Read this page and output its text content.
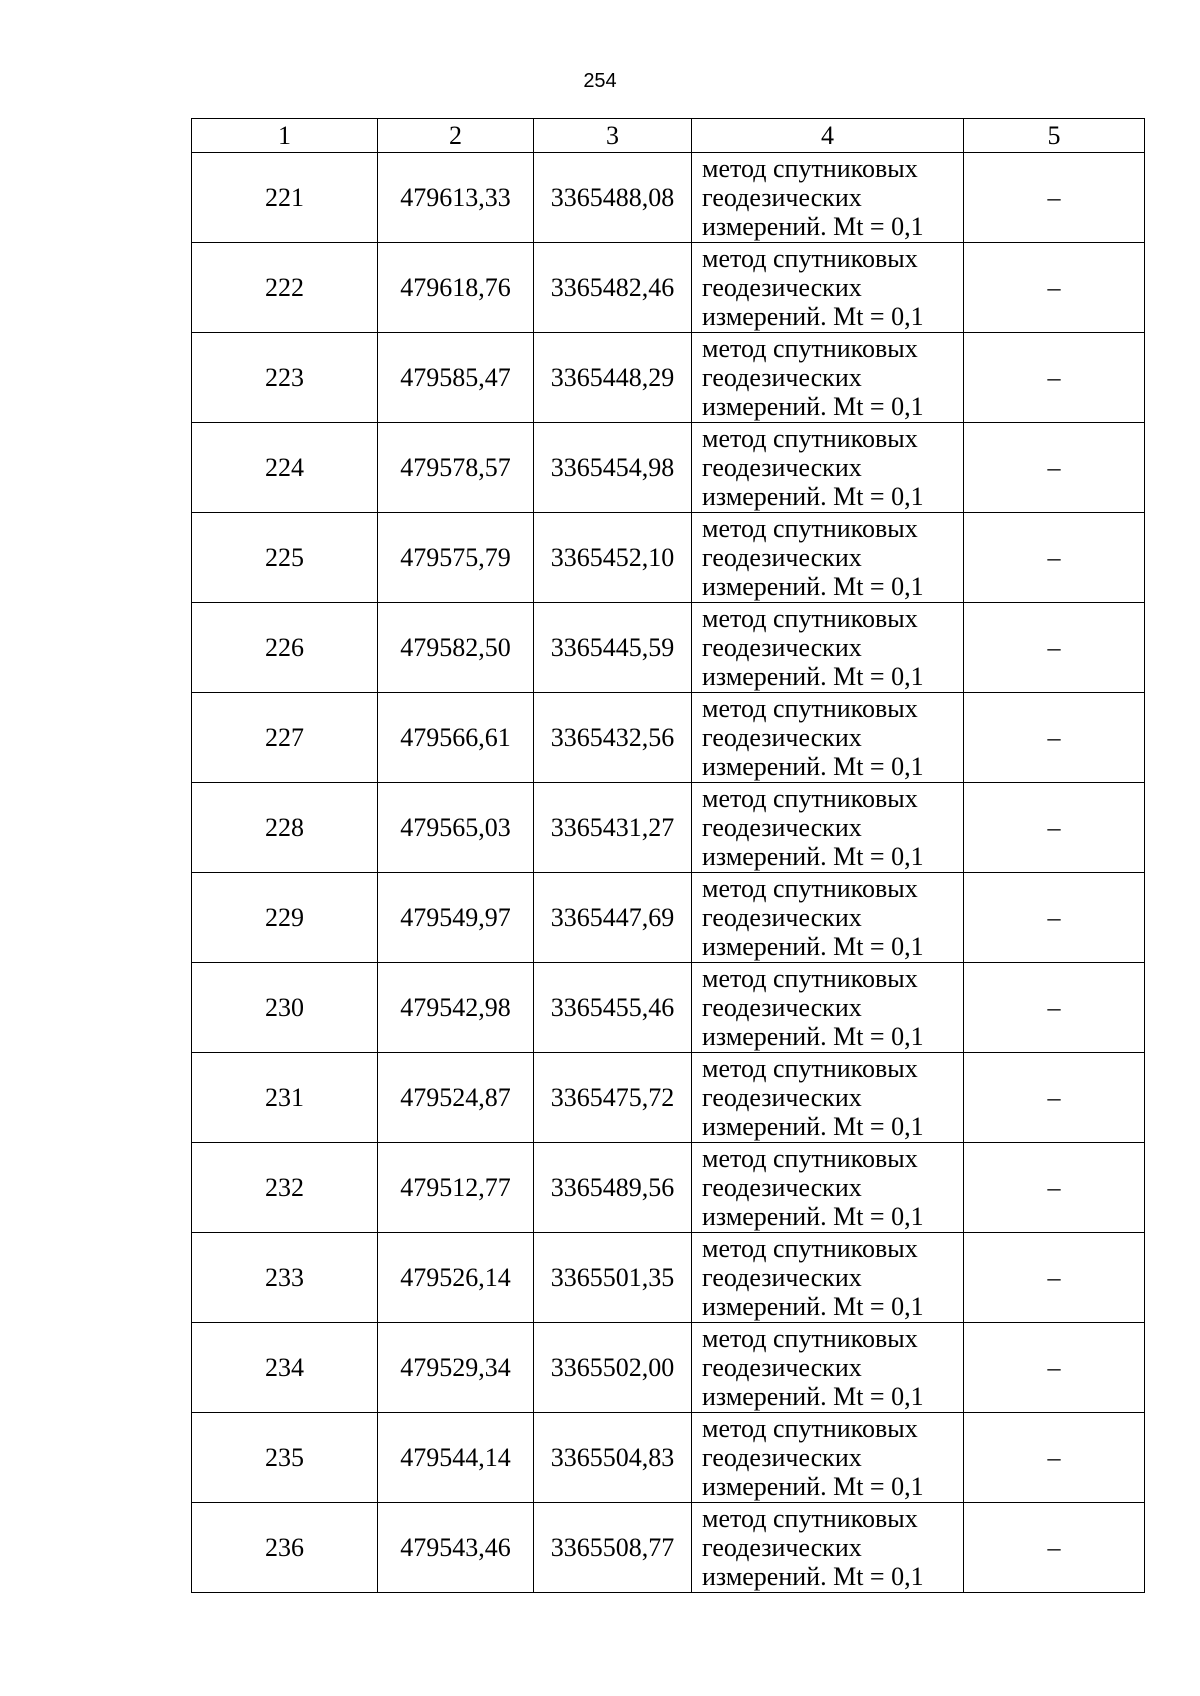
254
1	2	3	4	5
221	479613,33	3365488,08	метод спутниковых
геодезических
измерений. Mt = 0,1	–
222	479618,76	3365482,46	метод спутниковых
геодезических
измерений. Mt = 0,1	–
223	479585,47	3365448,29	метод спутниковых
геодезических
измерений. Mt = 0,1	–
224	479578,57	3365454,98	метод спутниковых
геодезических
измерений. Mt = 0,1	–
225	479575,79	3365452,10	метод спутниковых
геодезических
измерений. Mt = 0,1	–
226	479582,50	3365445,59	метод спутниковых
геодезических
измерений. Mt = 0,1	–
227	479566,61	3365432,56	метод спутниковых
геодезических
измерений. Mt = 0,1	–
228	479565,03	3365431,27	метод спутниковых
геодезических
измерений. Mt = 0,1	–
229	479549,97	3365447,69	метод спутниковых
геодезических
измерений. Mt = 0,1	–
230	479542,98	3365455,46	метод спутниковых
геодезических
измерений. Mt = 0,1	–
231	479524,87	3365475,72	метод спутниковых
геодезических
измерений. Mt = 0,1	–
232	479512,77	3365489,56	метод спутниковых
геодезических
измерений. Mt = 0,1	–
233	479526,14	3365501,35	метод спутниковых
геодезических
измерений. Mt = 0,1	–
234	479529,34	3365502,00	метод спутниковых
геодезических
измерений. Mt = 0,1	–
235	479544,14	3365504,83	метод спутниковых
геодезических
измерений. Mt = 0,1	–
236	479543,46	3365508,77	метод спутниковых
геодезических
измерений. Mt = 0,1	–
